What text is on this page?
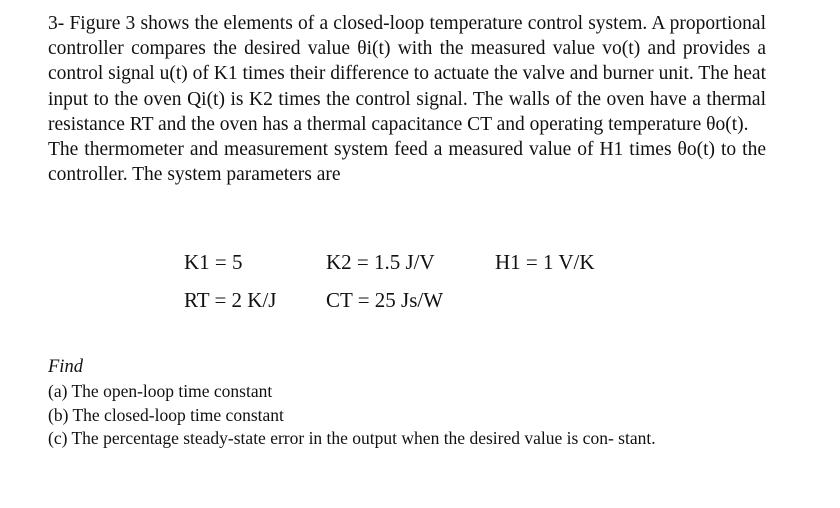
3- Figure 3 shows the elements of a closed-loop temperature control system. A proportional controller compares the desired value θi(t) with the measured value vo(t) and provides a control signal u(t) of K1 times their difference to actuate the valve and burner unit. The heat input to the oven Qi(t) is K2 times the control signal. The walls of the oven have a thermal resistance RT and the oven has a thermal capacitance CT and operating temperature θo(t).

The thermometer and measurement system feed a measured value of H1 times θo(t) to the controller. The system parameters are

K1 = 5	K2 = 1.5 J/V	H1 = 1 V/K
RT = 2 K/J CT = 25 Js/W
Find

(a) The open-loop time constant

(b) The closed-loop time constant

(c) The percentage steady-state error in the output when the desired value is con- stant.
